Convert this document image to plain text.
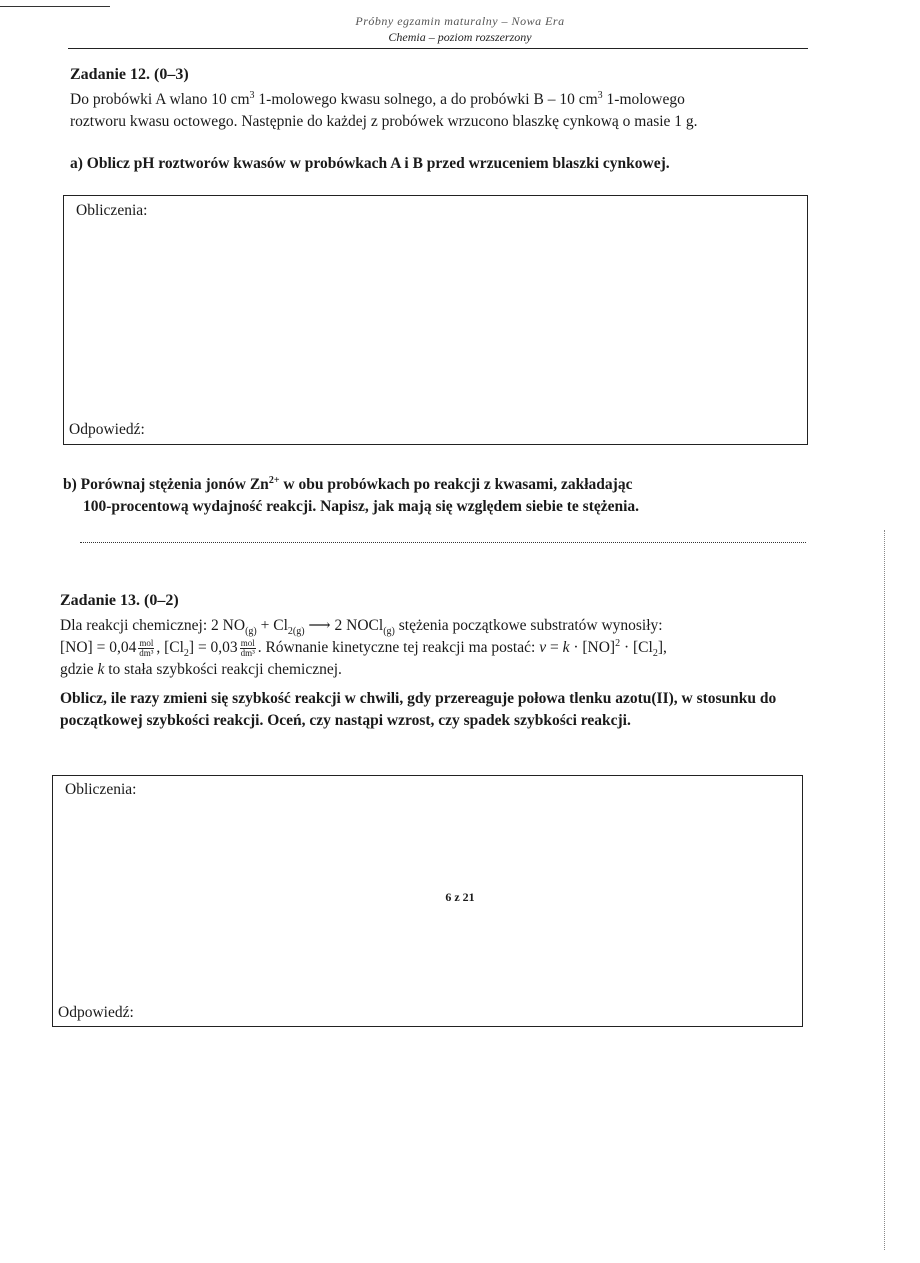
Próbny egzamin maturalny – Nowa Era
Chemia – poziom rozszerzony
Zadanie 12. (0–3)
Do probówki A wlano 10 $cm^3$ 1-molowego kwasu solnego, a do probówki B – 10 $cm^3$ 1-molowego
roztworu kwasu octowego. Następnie do każdej z probówek wrzucono blaszkę cynkową o masie 1 g.
a) Oblicz pH roztworów kwasów w probówkach A i B przed wrzuceniem blaszki cynkowej.
Obliczenia:
Odpowiedź:
b) Porównaj stężenia jonów $Zn^{2+}$ w obu probówkach po reakcji z kwasami, zakładając
100-procentową wydajność reakcji. Napisz, jak mają się względem siebie te stężenia.
Zadanie 13. (0–2)
Dla reakcji chemicznej: 2 $NO_{(g)} + Cl_{2(g)}$ ⟶ 2 NOCl$_{(g)}$ stężenia początkowe substratów wynosiły:
$[NO] = 0,04 \frac{\text{mol}}{\text{dm³}}$ , $[Cl_2] = 0,03 \frac{\text{mol}}{\text{dm³}}$ . Równanie kinetyczne tej reakcji ma postać: $v = k \cdot [NO]^2 \cdot [Cl_2]$,
gdzie k to stała szybkości reakcji chemicznej.
Oblicz, ile razy zmieni się szybkość reakcji w chwili, gdy przereaguje połowa tlenku azotu(II), w stosunku do początkowej szybkości reakcji. Oceń, czy nastąpi wzrost, czy spadek szybkości reakcji.
Obliczenia:
Odpowiedź:
6 z 21
